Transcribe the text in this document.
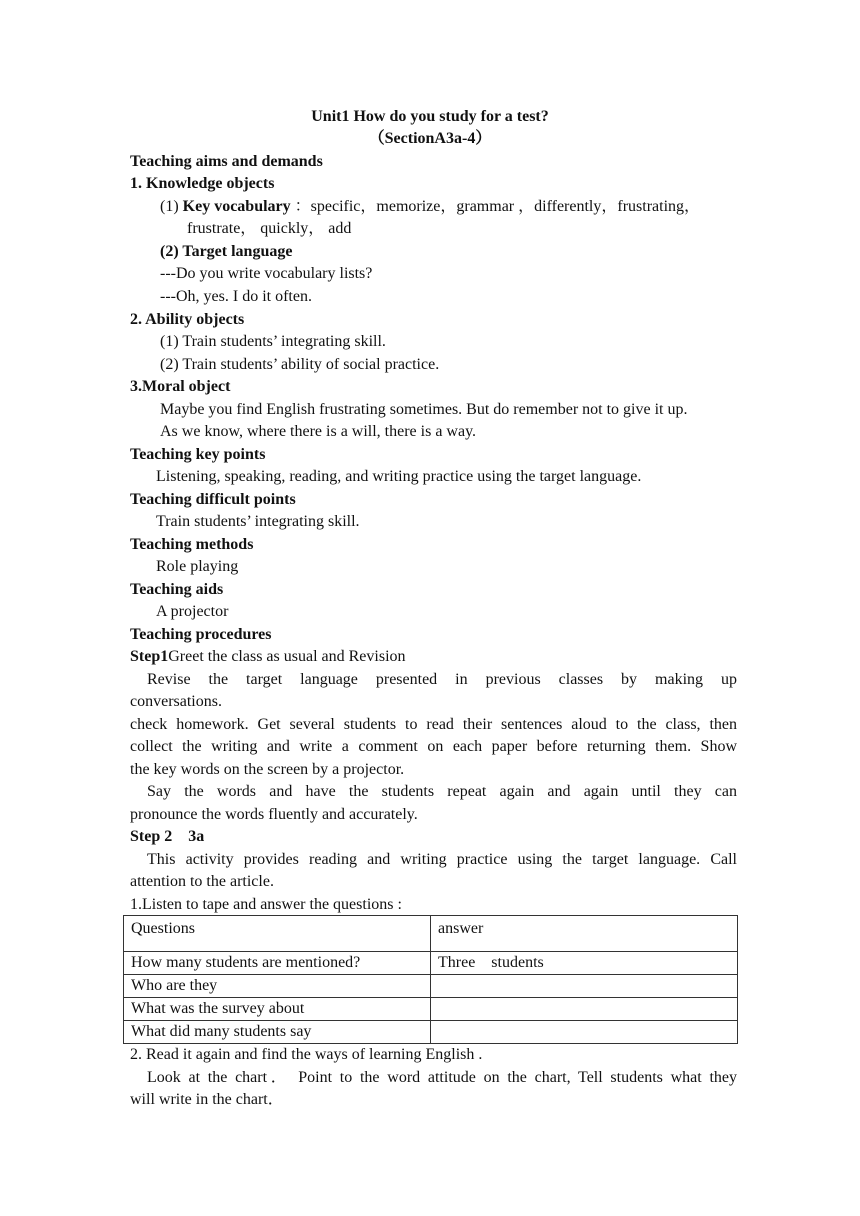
Unit1 How do you study for a test?
（SectionA3a-4）
Teaching aims and demands
1. Knowledge objects
(1) Key vocabulary ：specific，memorize，grammar ，differently，frustrating，
frustrate， quickly， add
(2) Target language
---Do you write vocabulary lists?
---Oh, yes. I do it often.
2. Ability objects
(1) Train students’ integrating skill.
(2) Train students’ ability of social practice.
3.Moral object
Maybe you find English frustrating sometimes. But do remember not to give it up.
As we know, where there is a will, there is a way.
Teaching key points
Listening, speaking, reading, and writing practice using the target language.
Teaching difficult points
Train students’ integrating skill.
Teaching methods
Role playing
Teaching aids
A projector
Teaching procedures
Step1Greet the class as usual and Revision
Revise the target language presented in previous classes by making up
conversations.
check homework. Get several students to read their sentences aloud to the class, then
collect the writing and write a comment on each paper before returning them. Show
the key words on the screen by a projector.
Say the words and have the students repeat again and again until they can
pronounce the words fluently and accurately.
Step 2    3a
This activity provides reading and writing practice using the target language. Call
attention to the article.
1.Listen to tape and answer the questions :
Questions	answer
How many students are mentioned?	Three    students
Who are they	
What was the survey about	
What did many students say	
2. Read it again and find the ways of learning English .
Look at the chart． Point to the word attitude on the chart, Tell students what they
will write in the chart．
